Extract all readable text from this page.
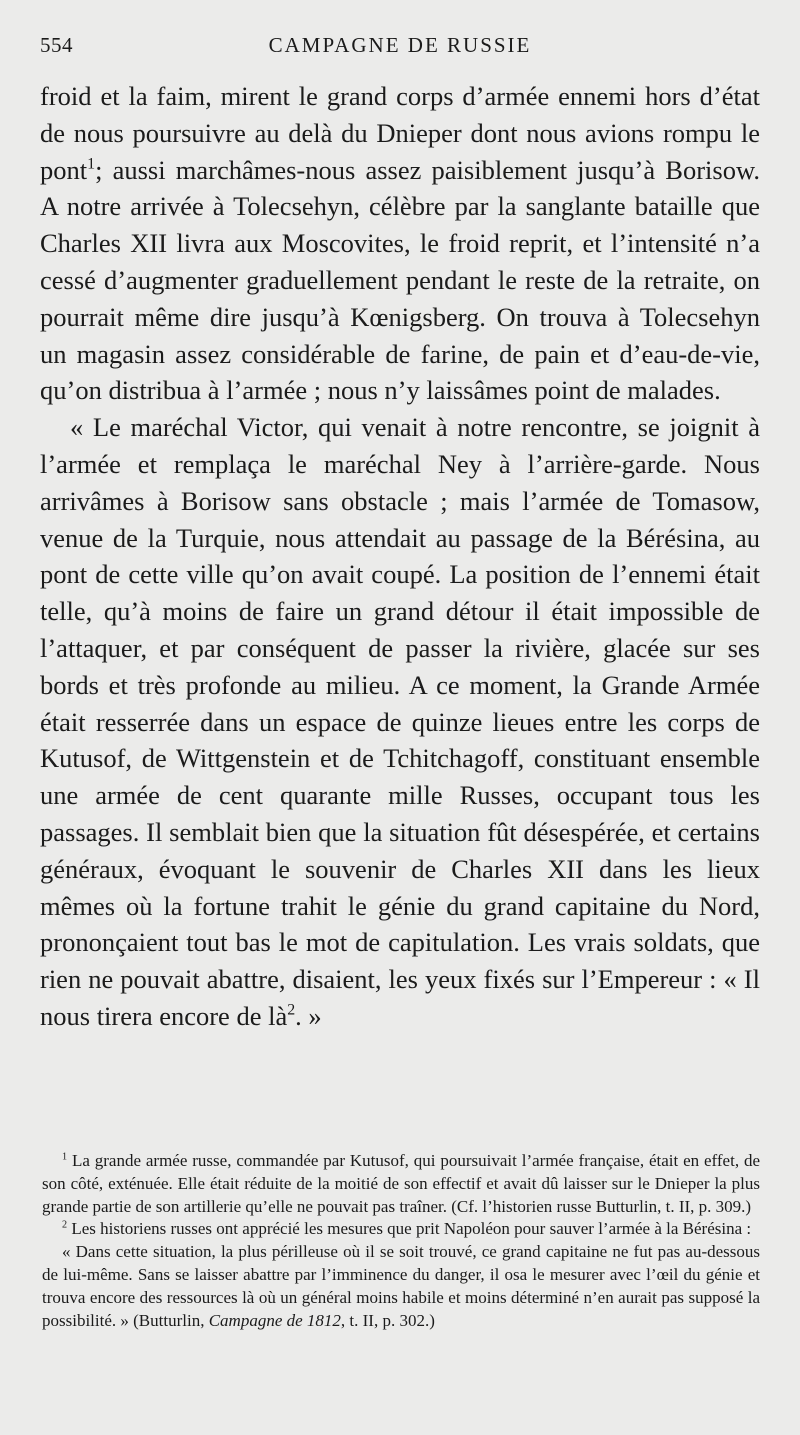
554	CAMPAGNE DE RUSSIE

froid et la faim, mirent le grand corps d’armée ennemi hors d’état de nous poursuivre au delà du Dnieper dont nous avions rompu le pont$^1$; aussi marchâmes-nous assez paisiblement jusqu’à Borisow. A notre arrivée à Tolecsehyn, célèbre par la sanglante bataille que Charles XII livra aux Moscovites, le froid reprit, et l’intensité n’a cessé d’augmenter graduellement pendant le reste de la retraite, on pourrait même dire jusqu’à Kœnigsberg. On trouva à Tolecsehyn un magasin assez considérable de farine, de pain et d’eau-de-vie, qu’on distribua à l’armée ; nous n’y laissâmes point de malades.

« Le maréchal Victor, qui venait à notre rencontre, se joignit à l’armée et remplaça le maréchal Ney à l’arrière-garde. Nous arrivâmes à Borisow sans obstacle ; mais l’armée de Tomasow, venue de la Turquie, nous attendait au passage de la Bérésina, au pont de cette ville qu’on avait coupé. La position de l’ennemi était telle, qu’à moins de faire un grand détour il était impossible de l’attaquer, et par conséquent de passer la rivière, glacée sur ses bords et très profonde au milieu. A ce moment, la Grande Armée était resserrée dans un espace de quinze lieues entre les corps de Kutusof, de Wittgenstein et de Tchitchagoff, constituant ensemble une armée de cent quarante mille Russes, occupant tous les passages. Il semblait bien que la situation fût désespérée, et certains généraux, évoquant le souvenir de Charles XII dans les lieux mêmes où la fortune trahit le génie du grand capitaine du Nord, prononçaient tout bas le mot de capitulation. Les vrais soldats, que rien ne pouvait abattre, disaient, les yeux fixés sur l’Empereur : « Il nous tirera encore de $là^2$. »

$^1$ La grande armée russe, commandée par Kutusof, qui poursuivait l’armée française, était en effet, de son côté, exténuée. Elle était réduite de la moitié de son effectif et avait dû laisser sur le Dnieper la plus grande partie de son artillerie qu’elle ne pouvait pas traîner. (Cf. l’historien russe Butturlin, t. II, p. 309.)

$^2$ Les historiens russes ont apprécié les mesures que prit Napoléon pour sauver l’armée à la Bérésina :

« Dans cette situation, la plus périlleuse où il se soit trouvé, ce grand capitaine ne fut pas au-dessous de lui-même. Sans se laisser abattre par l’imminence du danger, il osa le mesurer avec l’œil du génie et trouva encore des ressources là où un général moins habile et moins déterminé n’en aurait pas supposé la possibilité. » (Butturlin, Campagne de 1812, t. II, p. 302.)
